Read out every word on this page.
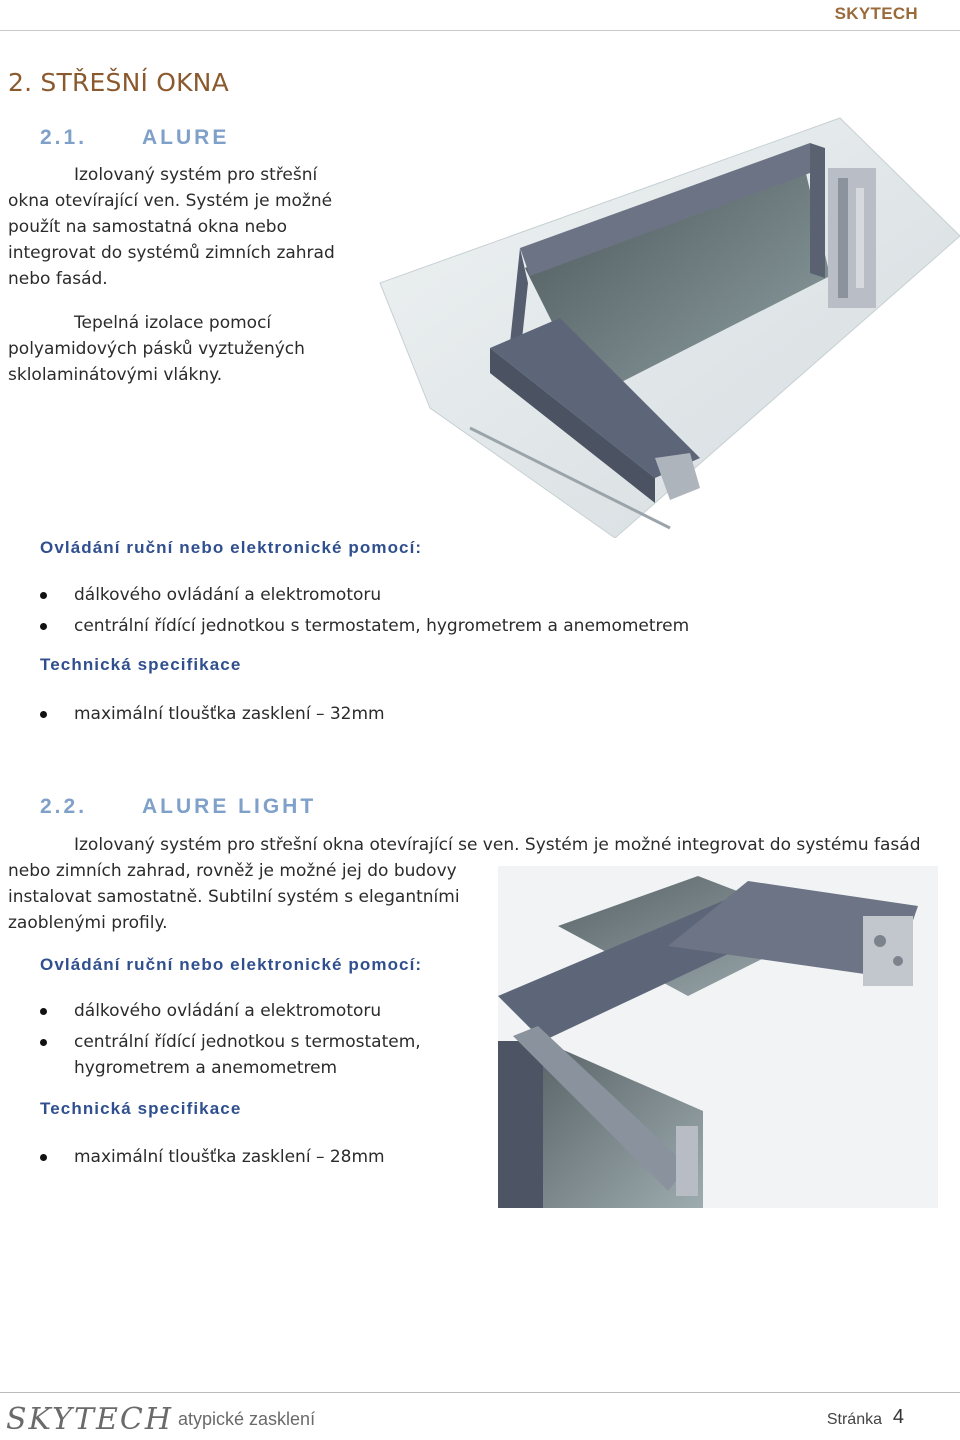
SKYTECH
2. STŘEŠNÍ OKNA
2.1.	ALURE
Izolovaný systém pro střešní
okna otevírající ven. Systém je možné
použít na samostatná okna nebo
integrovat do systémů zimních zahrad
nebo fasád.
Tepelná izolace pomocí
polyamidových pásků vyztužených
sklolaminátovými vlákny.
Ovládání ruční nebo elektronické pomocí:
dálkového ovládání a elektromotoru
centrální řídící jednotkou s termostatem, hygrometrem a anemometrem
Technická specifikace
maximální tloušťka zasklení – 32mm
2.2.	ALURE LIGHT
Izolovaný systém pro střešní okna otevírající se ven. Systém je možné integrovat do systému fasád
nebo zimních zahrad, rovněž je možné jej do budovy
instalovat samostatně. Subtilní systém s elegantními
zaoblenými profily.
Ovládání ruční nebo elektronické pomocí:
dálkového ovládání a elektromotoru
centrální řídící jednotkou s termostatem,
hygrometrem a anemometrem
Technická specifikace
maximální tloušťka zasklení – 28mm
SKYTECH atypické zasklení	Stránka 4
